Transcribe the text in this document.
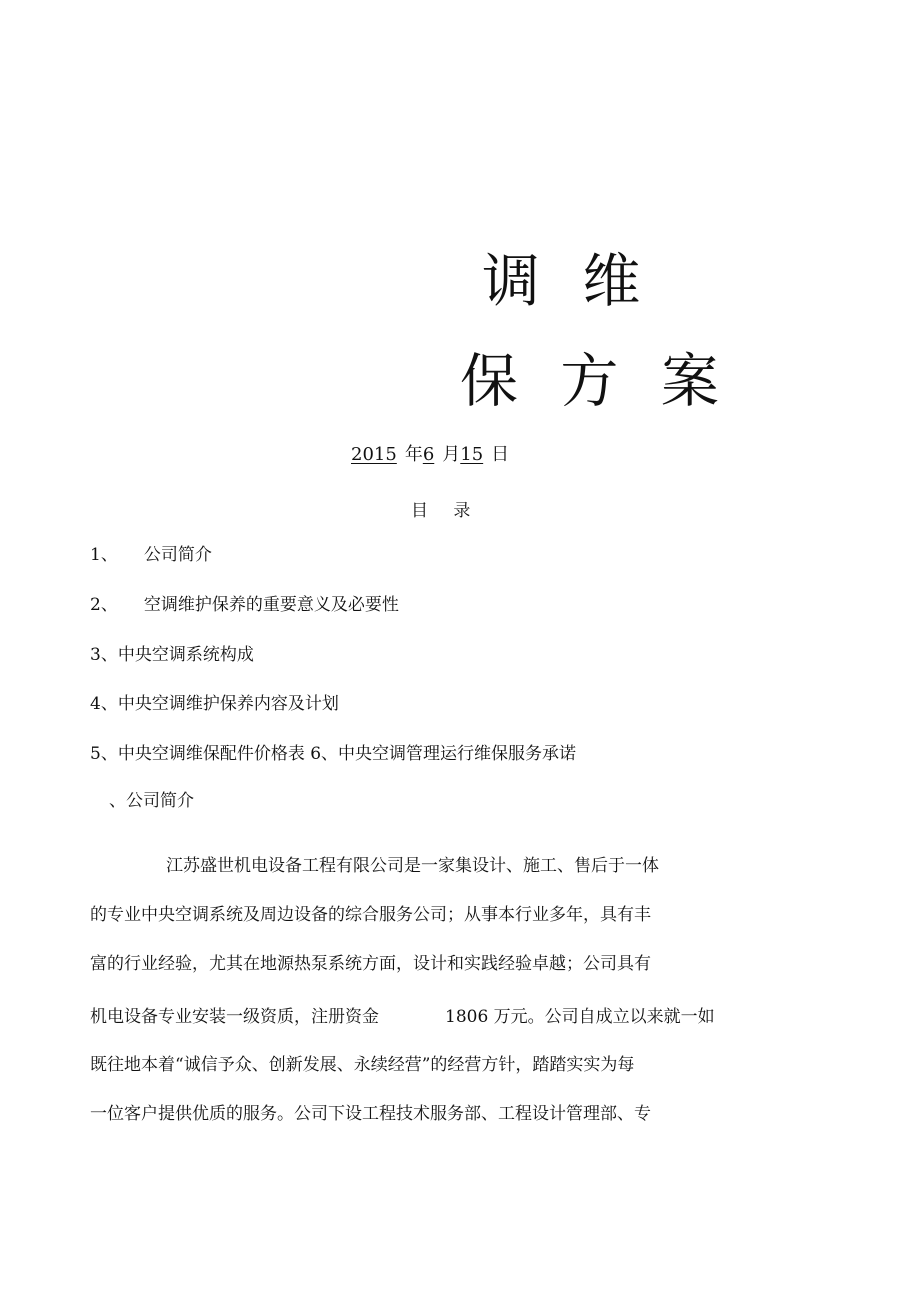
调 维
保 方 案
2015 年6 月15 日
目 录
1、 公司简介
2、 空调维护保养的重要意义及必要性
3、中央空调系统构成
4、中央空调维护保养内容及计划
5、中央空调维保配件价格表 6、中央空调管理运行维保服务承诺
、公司简介
江苏盛世机电设备工程有限公司是一家集设计、施工、售后于一体
的专业中央空调系统及周边设备的综合服务公司；从事本行业多年，具有丰
富的行业经验，尤其在地源热泵系统方面，设计和实践经验卓越；公司具有
机电设备专业安装一级资质，注册资金	1806 万元。公司自成立以来就一如
既往地本着“诚信予众、创新发展、永续经营”的经营方针，踏踏实实为每
一位客户提供优质的服务。公司下设工程技术服务部、工程设计管理部、专
